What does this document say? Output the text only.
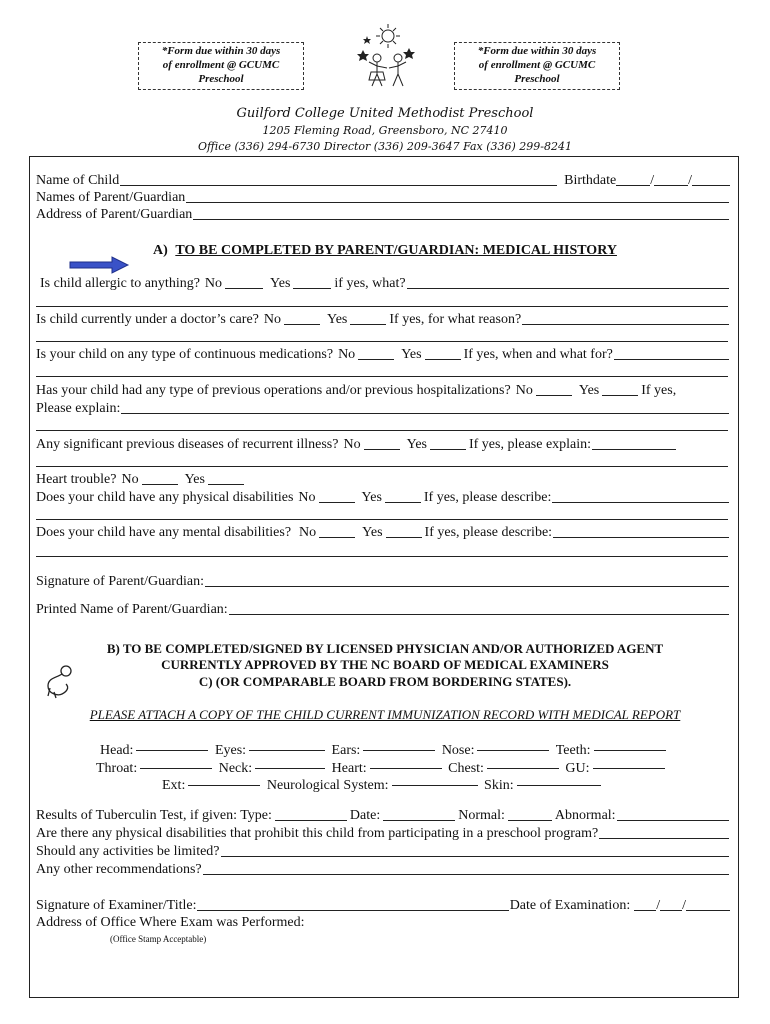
*Form due within 30 days
of enrollment @ GCUMC
Preschool
*Form due within 30 days
of enrollment @ GCUMC
Preschool
Guilford College United Methodist Preschool
1205 Fleming Road, Greensboro, NC 27410
Office (336) 294-6730 Director (336) 209-3647 Fax (336) 299-8241
Name of Child	Birthdate / /
Names of Parent/Guardian
Address of Parent/Guardian
A) TO BE COMPLETED BY PARENT/GUARDIAN: MEDICAL HISTORY
Is child allergic to anything? No	Yes	if yes, what?
Is child currently under a doctor’s care? No	Yes	If yes, for what reason?
Is your child on any type of continuous medications? No	Yes	If yes, when and what for?
Has your child had any type of previous operations and/or previous hospitalizations? No	Yes	If yes,
Please explain:
Any significant previous diseases of recurrent illness? No	Yes	If yes, please explain:
Heart trouble? No	Yes
Does your child have any physical disabilities No	Yes	If yes, please describe:
Does your child have any mental disabilities? No	Yes	If yes, please describe:
Signature of Parent/Guardian:
Printed Name of Parent/Guardian:
B) TO BE COMPLETED/SIGNED BY LICENSED PHYSICIAN AND/OR AUTHORIZED AGENT
CURRENTLY APPROVED BY THE NC BOARD OF MEDICAL EXAMINERS
C) (OR COMPARABLE BOARD FROM BORDERING STATES).
PLEASE ATTACH A COPY OF THE CHILD CURRENT IMMUNIZATION RECORD WITH MEDICAL REPORT
Head:	Eyes:	Ears:	Nose:	Teeth:
Throat:	Neck:	Heart:	Chest:	GU:
Ext:	Neurological System:	Skin:
Results of Tuberculin Test, if given: Type:	Date:	Normal:	Abnormal:
Are there any physical disabilities that prohibit this child from participating in a preschool program?
Should any activities be limited?
Any other recommendations?
Signature of Examiner/Title:	Date of Examination: / /
Address of Office Where Exam was Performed:
(Office Stamp Acceptable)
